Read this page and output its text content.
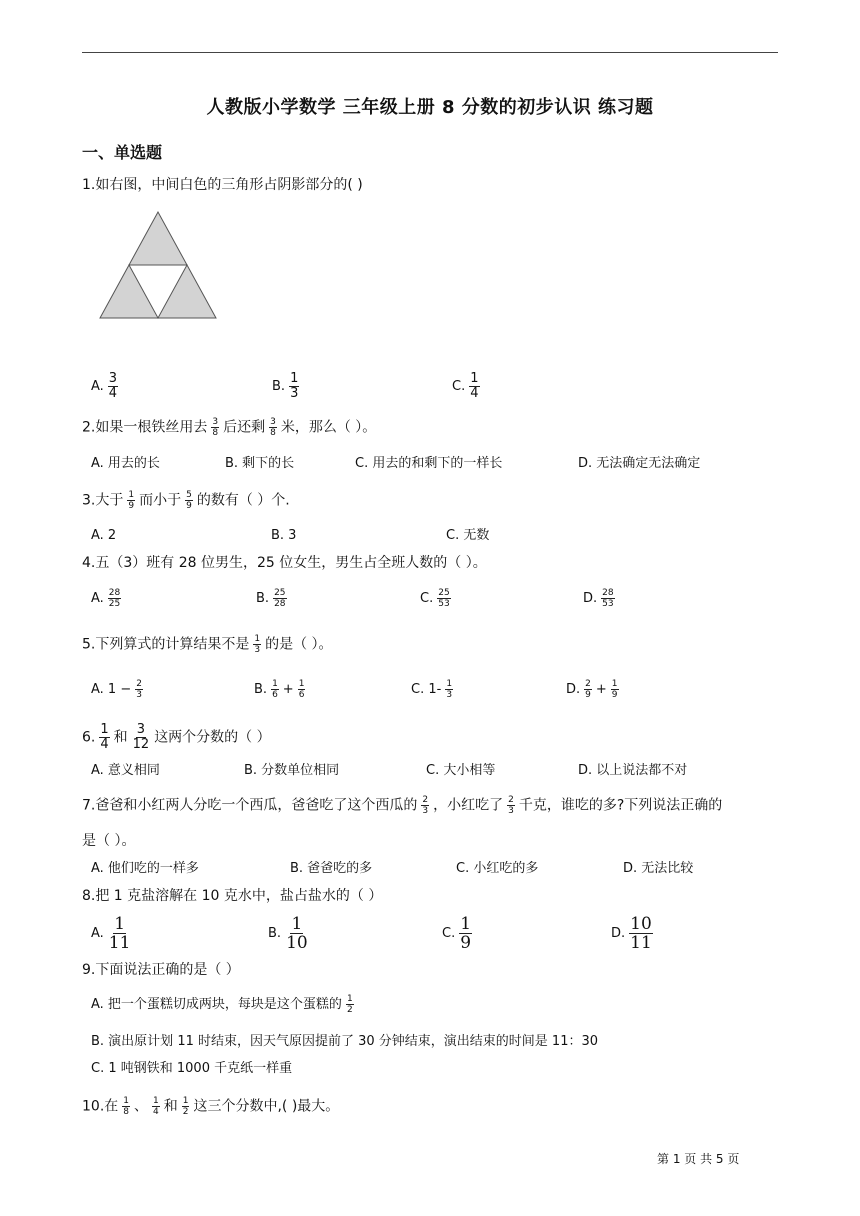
人教版小学数学 三年级上册 8 分数的初步认识 练习题
一、单选题
1.如右图，中间白色的三角形占阴影部分的( )
A. $\frac{3}{4}$	B. $\frac{1}{3}$	C. $\frac{1}{4}$
2.如果一根铁丝用去 $\frac{3}{8}$ 后还剩 $\frac{3}{8}$ 米，那么（ ）。
A. 用去的长	B. 剩下的长	C. 用去的和剩下的一样长	D. 无法确定无法确定
3.大于 $\frac{1}{9}$ 而小于 $\frac{5}{9}$ 的数有（ ）个.
A. 2	B. 3	C. 无数
4.五（3）班有 28 位男生，25 位女生，男生占全班人数的（ ）。
A. $\frac{28}{25}$	B. $\frac{25}{28}$	C. $\frac{25}{53}$	D. $\frac{28}{53}$
5.下列算式的计算结果不是 $\frac{1}{3}$ 的是（ ）。
A. $1 - \frac{2}{3}$	B. $\frac{1}{6} + \frac{1}{6}$	C. $1- \frac{1}{3}$	D. $\frac{2}{9} + \frac{1}{9}$
6. $\frac{1}{4}$ 和 $\frac{3}{12}$ 这两个分数的（ ）
A. 意义相同	B. 分数单位相同	C. 大小相等	D. 以上说法都不对
7.爸爸和小红两人分吃一个西瓜，爸爸吃了这个西瓜的 $\frac{2}{3}$ ，小红吃了 $\frac{2}{3}$ 千克，谁吃的多?下列说法正确的
是（ ）。
A. 他们吃的一样多	B. 爸爸吃的多	C. 小红吃的多	D. 无法比较
8.把 1 克盐溶解在 10 克水中，盐占盐水的（ ）
A. $\frac{1}{11}$	B. $\frac{1}{10}$	C. $\frac{1}{9}$	D. $\frac{10}{11}$
9.下面说法正确的是（ ）
A. 把一个蛋糕切成两块，每块是这个蛋糕的 $\frac{1}{2}$
B. 演出原计划 11 时结束，因天气原因提前了 30 分钟结束，演出结束的时间是 11：30
C. 1 吨钢铁和 1000 千克纸一样重
10.在 $\frac{1}{8}$ 、 $\frac{1}{4}$ 和 $\frac{1}{2}$ 这三个分数中,( )最大。
第 1 页 共 5 页
